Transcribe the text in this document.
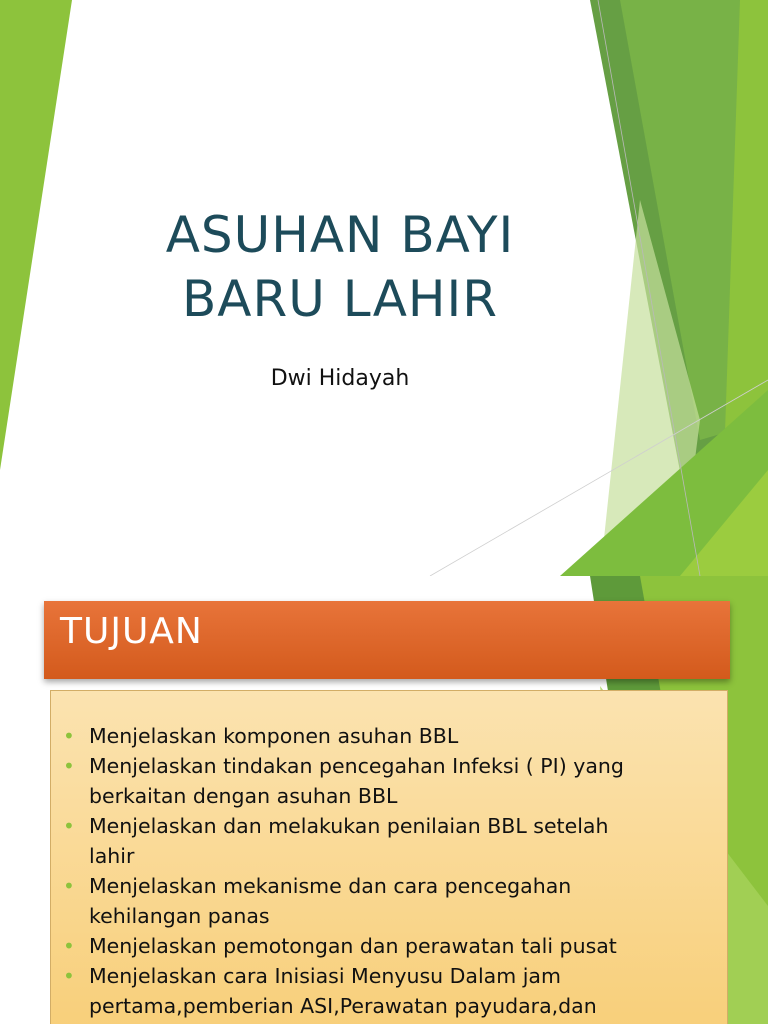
ASUHAN BAYI
BARU LAHIR

Dwi Hidayah

TUJUAN
• Menjelaskan komponen asuhan BBL
• Menjelaskan tindakan pencegahan Infeksi ( PI) yang
berkaitan dengan asuhan BBL
• Menjelaskan dan melakukan penilaian BBL setelah
lahir
• Menjelaskan mekanisme dan cara pencegahan
kehilangan panas
• Menjelaskan pemotongan dan perawatan tali pusat
• Menjelaskan cara Inisiasi Menyusu Dalam jam
pertama,pemberian ASI,Perawatan payudara,dan
